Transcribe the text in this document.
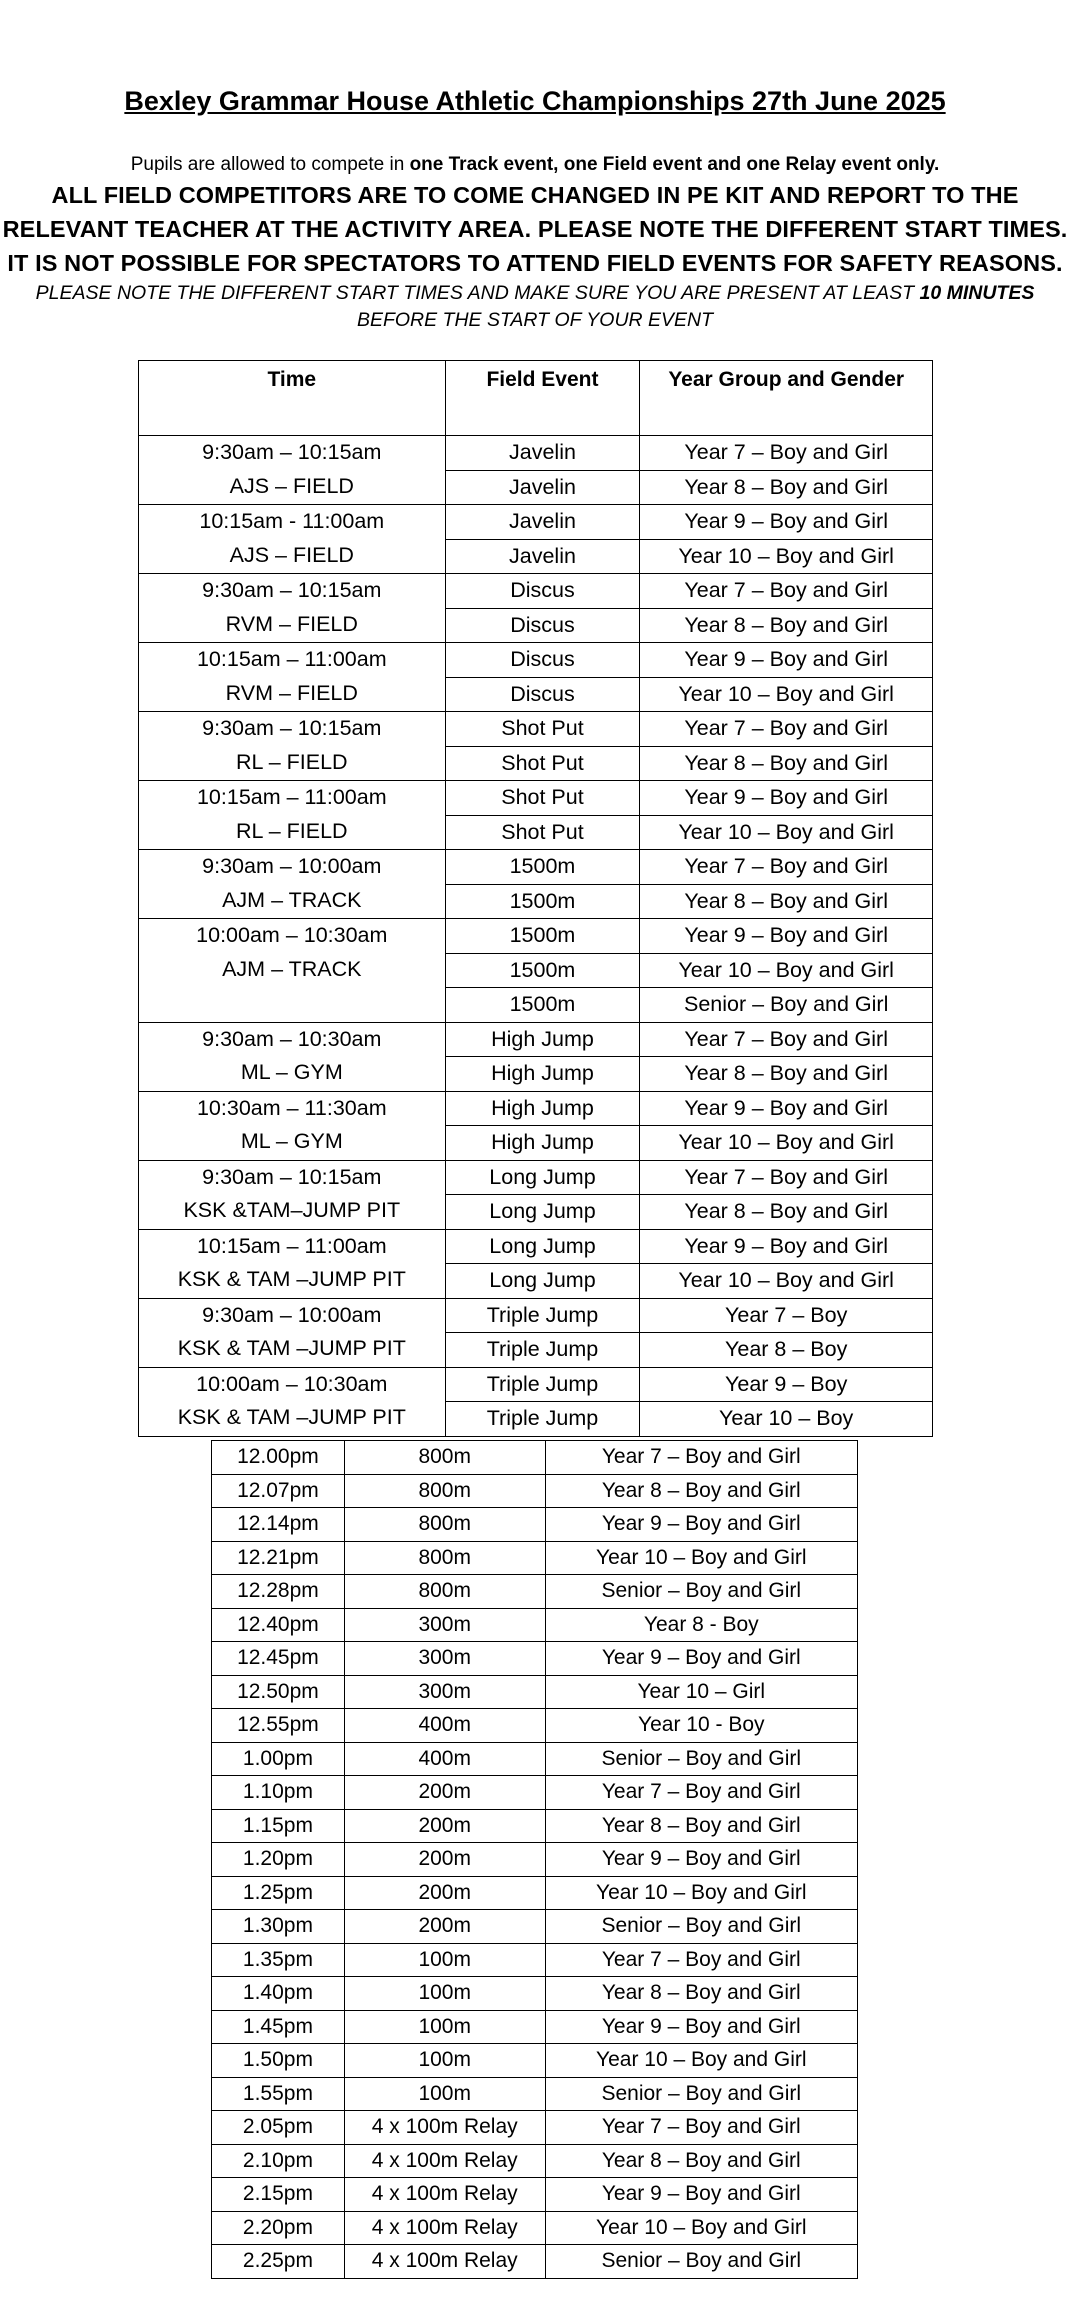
Bexley Grammar House Athletic Championships 27th June 2025
Pupils are allowed to compete in one Track event, one Field event and one Relay event only.
ALL FIELD COMPETITORS ARE TO COME CHANGED IN PE KIT AND REPORT TO THE
RELEVANT TEACHER AT THE ACTIVITY AREA. PLEASE NOTE THE DIFFERENT START TIMES.
IT IS NOT POSSIBLE FOR SPECTATORS TO ATTEND FIELD EVENTS FOR SAFETY REASONS.
PLEASE NOTE THE DIFFERENT START TIMES AND MAKE SURE YOU ARE PRESENT AT LEAST 10 MINUTES
BEFORE THE START OF YOUR EVENT
Time	Field Event	Year Group and Gender

9:30am – 10:15am
AJS – FIELD	Javelin	Year 7 – Boy and Girl
	Javelin	Year 8 – Boy and Girl

10:15am - 11:00am
AJS – FIELD	Javelin	Year 9 – Boy and Girl
	Javelin	Year 10 – Boy and Girl

9:30am – 10:15am
RVM – FIELD	Discus	Year 7 – Boy and Girl
	Discus	Year 8 – Boy and Girl

10:15am – 11:00am
RVM – FIELD	Discus	Year 9 – Boy and Girl
	Discus	Year 10 – Boy and Girl

9:30am – 10:15am
RL – FIELD	Shot Put	Year 7 – Boy and Girl
	Shot Put	Year 8 – Boy and Girl

10:15am – 11:00am
RL – FIELD	Shot Put	Year 9 – Boy and Girl
	Shot Put	Year 10 – Boy and Girl

9:30am – 10:00am
AJM – TRACK	1500m	Year 7 – Boy and Girl
	1500m	Year 8 – Boy and Girl

10:00am – 10:30am
AJM – TRACK	1500m	Year 9 – Boy and Girl
	1500m	Year 10 – Boy and Girl
	1500m	Senior – Boy and Girl

9:30am – 10:30am
ML – GYM	High Jump	Year 7 – Boy and Girl
	High Jump	Year 8 – Boy and Girl

10:30am – 11:30am
ML – GYM	High Jump	Year 9 – Boy and Girl
	High Jump	Year 10 – Boy and Girl

9:30am – 10:15am
KSK &TAM–JUMP PIT	Long Jump	Year 7 – Boy and Girl
	Long Jump	Year 8 – Boy and Girl

10:15am – 11:00am
KSK & TAM –JUMP PIT	Long Jump	Year 9 – Boy and Girl
	Long Jump	Year 10 – Boy and Girl

9:30am – 10:00am
KSK & TAM –JUMP PIT	Triple Jump	Year 7 – Boy
	Triple Jump	Year 8 – Boy

10:00am – 10:30am
KSK & TAM –JUMP PIT	Triple Jump	Year 9 – Boy
	Triple Jump	Year 10 – Boy
12.00pm	800m	Year 7 – Boy and Girl
12.07pm	800m	Year 8 – Boy and Girl
12.14pm	800m	Year 9 – Boy and Girl
12.21pm	800m	Year 10 – Boy and Girl
12.28pm	800m	Senior – Boy and Girl
12.40pm	300m	Year 8 - Boy
12.45pm	300m	Year 9 – Boy and Girl
12.50pm	300m	Year 10 – Girl
12.55pm	400m	Year 10 - Boy
1.00pm	400m	Senior – Boy and Girl
1.10pm	200m	Year 7 – Boy and Girl
1.15pm	200m	Year 8 – Boy and Girl
1.20pm	200m	Year 9 – Boy and Girl
1.25pm	200m	Year 10 – Boy and Girl
1.30pm	200m	Senior – Boy and Girl
1.35pm	100m	Year 7 – Boy and Girl
1.40pm	100m	Year 8 – Boy and Girl
1.45pm	100m	Year 9 – Boy and Girl
1.50pm	100m	Year 10 – Boy and Girl
1.55pm	100m	Senior – Boy and Girl
2.05pm	4 x 100m Relay	Year 7 – Boy and Girl
2.10pm	4 x 100m Relay	Year 8 – Boy and Girl
2.15pm	4 x 100m Relay	Year 9 – Boy and Girl
2.20pm	4 x 100m Relay	Year 10 – Boy and Girl
2.25pm	4 x 100m Relay	Senior – Boy and Girl
